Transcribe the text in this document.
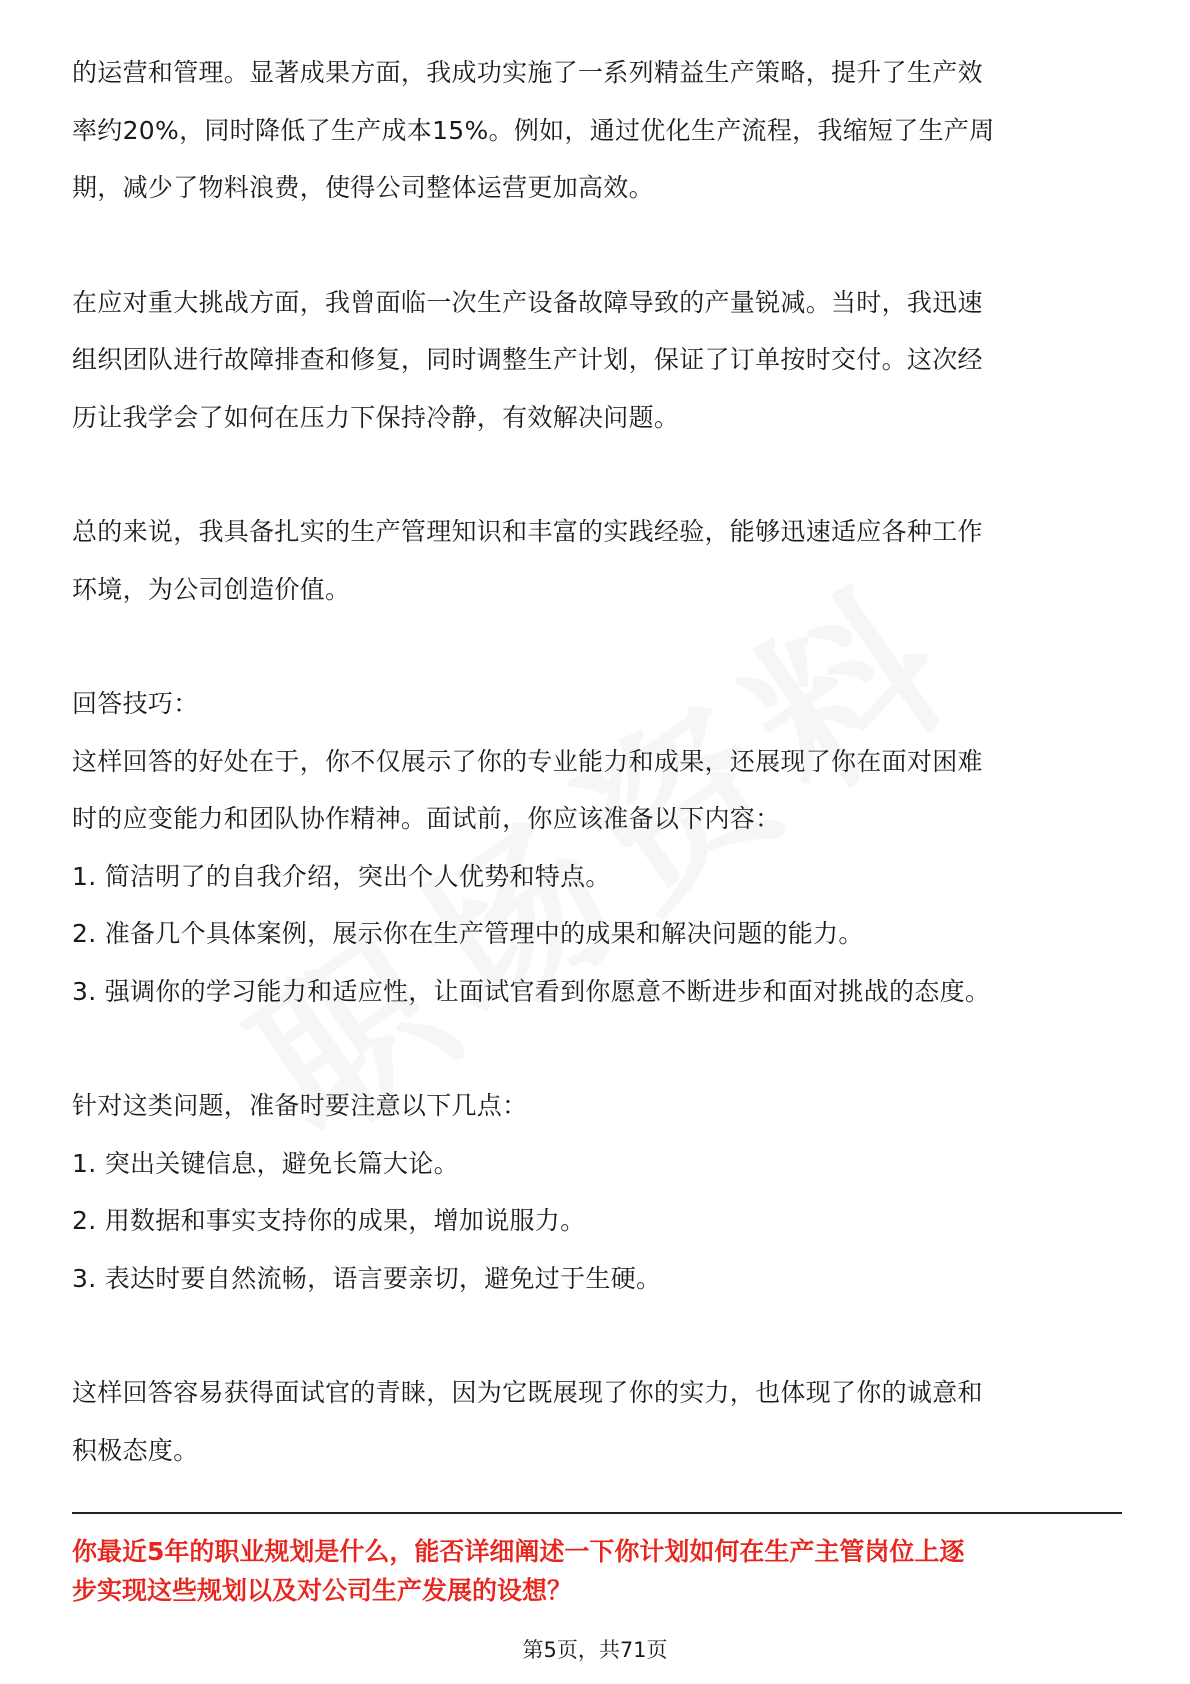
的运营和管理。显著成果方面，我成功实施了一系列精益生产策略，提升了生产效

率约20%，同时降低了生产成本15%。例如，通过优化生产流程，我缩短了生产周

期，减少了物料浪费，使得公司整体运营更加高效。

在应对重大挑战方面，我曾面临一次生产设备故障导致的产量锐减。当时，我迅速

组织团队进行故障排查和修复，同时调整生产计划，保证了订单按时交付。这次经

历让我学会了如何在压力下保持冷静，有效解决问题。

总的来说，我具备扎实的生产管理知识和丰富的实践经验，能够迅速适应各种工作

环境，为公司创造价值。

回答技巧：

这样回答的好处在于，你不仅展示了你的专业能力和成果，还展现了你在面对困难

时的应变能力和团队协作精神。面试前，你应该准备以下内容：

1. 简洁明了的自我介绍，突出个人优势和特点。

2. 准备几个具体案例，展示你在生产管理中的成果和解决问题的能力。

3. 强调你的学习能力和适应性，让面试官看到你愿意不断进步和面对挑战的态度。

针对这类问题，准备时要注意以下几点：

1. 突出关键信息，避免长篇大论。

2. 用数据和事实支持你的成果，增加说服力。

3. 表达时要自然流畅，语言要亲切，避免过于生硬。

这样回答容易获得面试官的青睐，因为它既展现了你的实力，也体现了你的诚意和

积极态度。

你最近5年的职业规划是什么，能否详细阐述一下你计划如何在生产主管岗位上逐
步实现这些规划以及对公司生产发展的设想？
第5页，共71页
